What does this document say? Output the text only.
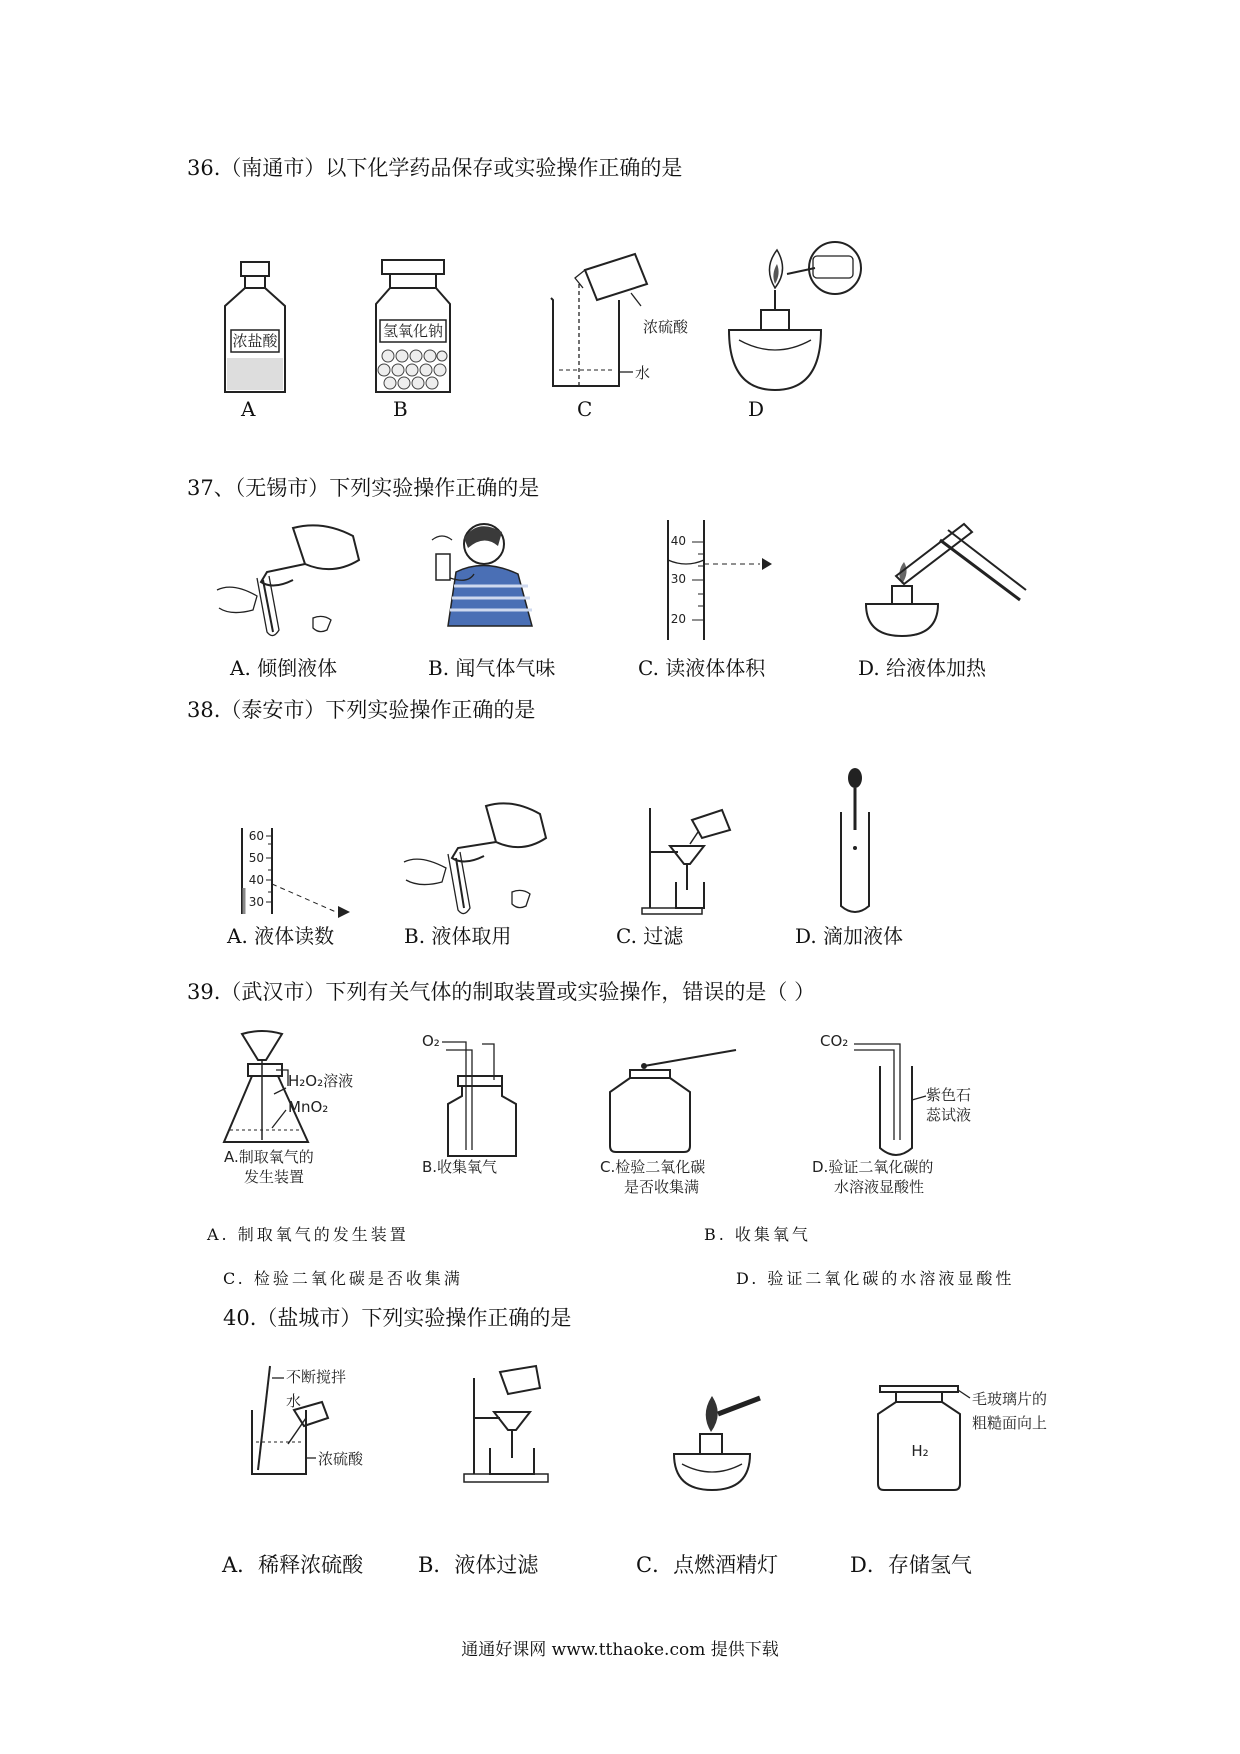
36.（南通市）以下化学药品保存或实验操作正确的是
浓盐酸
A
氢氧化钠
B
浓硫酸
水
C	D
37、（无锡市）下列实验操作正确的是
A. 倾倒液体	B. 闻气体气味
40
30
20
C. 读液体体积	D. 给液体加热
38.（泰安市）下列实验操作正确的是
60
50
40
30
A. 液体读数	B. 液体取用	C. 过滤	D. 滴加液体
39.（武汉市）下列有关气体的制取装置或实验操作，错误的是（ ）
H₂O₂溶液
MnO₂
A.制取氧气的
发生装置
O₂
B.收集氧气	C.检验二氧化碳
是否收集满
CO₂
紫色石
蕊试液
D.验证二氧化碳的
水溶液显酸性
A. 制取氧气的发生装置	B. 收集氧气
C. 检验二氧化碳是否收集满	D. 验证二氧化碳的水溶液显酸性
40.（盐城市）下列实验操作正确的是
不断搅拌
水
浓硫酸
A．稀释浓硫酸	B．液体过滤	C．点燃酒精灯
H₂
毛玻璃片的
粗糙面向上
D．存储氢气
通通好课网 www.tthaoke.com 提供下载
